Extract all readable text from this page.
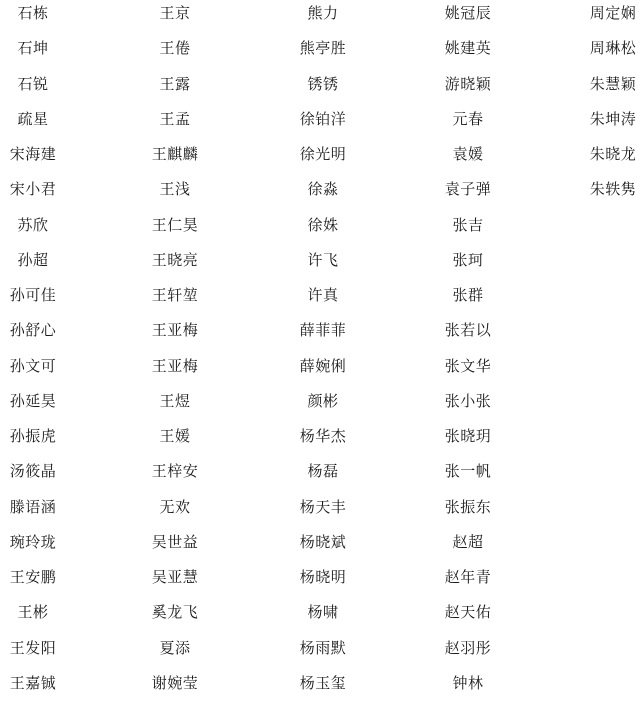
石栋
石坤
石锐
疏星
宋海建
宋小君
苏欣
孙超
孙可佳
孙舒心
孙文可
孙延昊
孙振虎
汤筱晶
滕语涵
琬玲珑
王安鹏
王彬
王发阳
王嘉铖
王京
王倦
王露
王孟
王麒麟
王浅
王仁昊
王晓亮
王轩堃
王亚梅
王亚梅
王煜
王媛
王梓安
无欢
吴世益
吴亚慧
奚龙飞
夏添
谢婉莹
熊力
熊亭胜
锈锈
徐铂洋
徐光明
徐淼
徐姝
许飞
许真
薛菲菲
薛婉俐
颜彬
杨华杰
杨磊
杨天丰
杨晓斌
杨晓明
杨啸
杨雨默
杨玉玺
姚冠辰
姚建英
游晓颖
元春
袁媛
袁子弹
张吉
张珂
张群
张若以
张文华
张小张
张晓玥
张一帆
张振东
赵超
赵年青
赵天佑
赵羽彤
钟林
周定娴
周琳松
朱慧颖
朱坤涛
朱晓龙
朱轶隽
